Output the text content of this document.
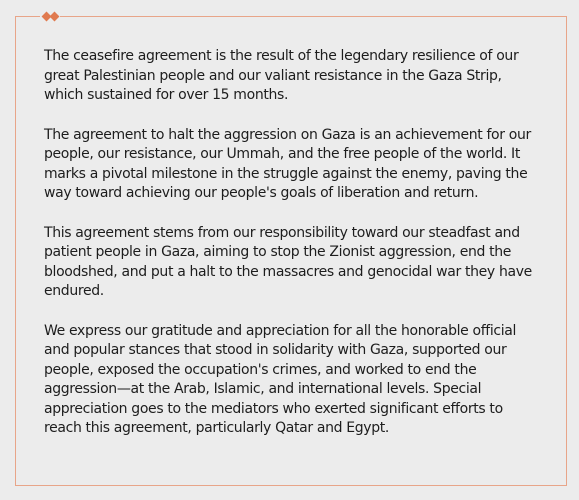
The ceasefire agreement is the result of the legendary resilience of our great Palestinian people and our valiant resistance in the Gaza Strip, which sustained for over 15 months.

The agreement to halt the aggression on Gaza is an achievement for our people, our resistance, our Ummah, and the free people of the world. It marks a pivotal milestone in the struggle against the enemy, paving the way toward achieving our people's goals of liberation and return.

This agreement stems from our responsibility toward our steadfast and patient people in Gaza, aiming to stop the Zionist aggression, end the bloodshed, and put a halt to the massacres and genocidal war they have endured.

We express our gratitude and appreciation for all the honorable official and popular stances that stood in solidarity with Gaza, supported our people, exposed the occupation's crimes, and worked to end the aggression—at the Arab, Islamic, and international levels. Special appreciation goes to the mediators who exerted significant efforts to reach this agreement, particularly Qatar and Egypt.
